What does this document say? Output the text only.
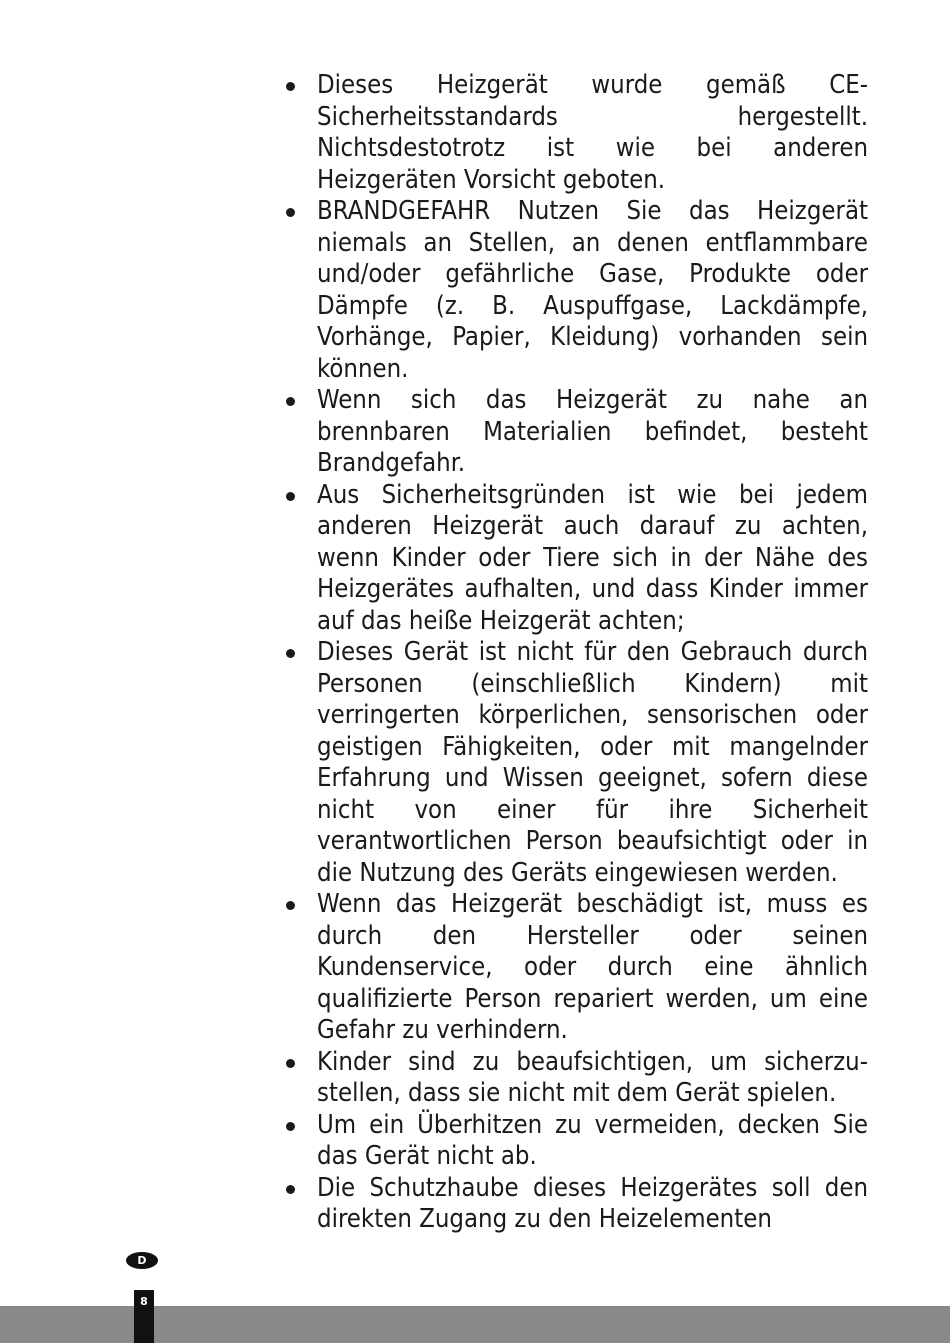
Dieses Heizgerät wurde gemäß CE-Sicherheitsstandards hergestellt. Nichtsdestotrotz ist wie bei anderen Heizgeräten Vorsicht geboten.
BRANDGEFAHR Nutzen Sie das Heizgerät niemals an Stellen, an denen entflammbare und/oder gefährliche Gase, Produkte oder Dämpfe (z. B. Auspuffgase, Lackdämpfe, Vorhänge, Papier, Kleidung) vorhanden sein können.
Wenn sich das Heizgerät zu nahe an brennbaren Materialien befindet, besteht Brandgefahr.
Aus Sicherheitsgründen ist wie bei jedem anderen Heizgerät auch darauf zu achten, wenn Kinder oder Tiere sich in der Nähe des Heizgerätes aufhalten, und dass Kinder immer auf das heiße Heizgerät achten;
Dieses Gerät ist nicht für den Gebrauch durch Personen (einschließlich Kindern) mit verringerten körperlichen, sensorischen oder geistigen Fähigkeiten, oder mit mangelnder Erfahrung und Wissen geeignet, sofern diese nicht von einer für ihre Sicherheit verantwortlichen Person beaufsichtigt oder in die Nutzung des Geräts eingewiesen werden.
Wenn das Heizgerät beschädigt ist, muss es durch den Hersteller oder seinen Kundenservice, oder durch eine ähnlich qualifizierte Person repariert werden, um eine Gefahr zu verhindern.
Kinder sind zu beaufsichtigen, um sicherzustellen, dass sie nicht mit dem Gerät spielen.
Um ein Überhitzen zu vermeiden, decken Sie das Gerät nicht ab.
Die Schutzhaube dieses Heizgerätes soll den direkten Zugang zu den Heizelementen
D
8
